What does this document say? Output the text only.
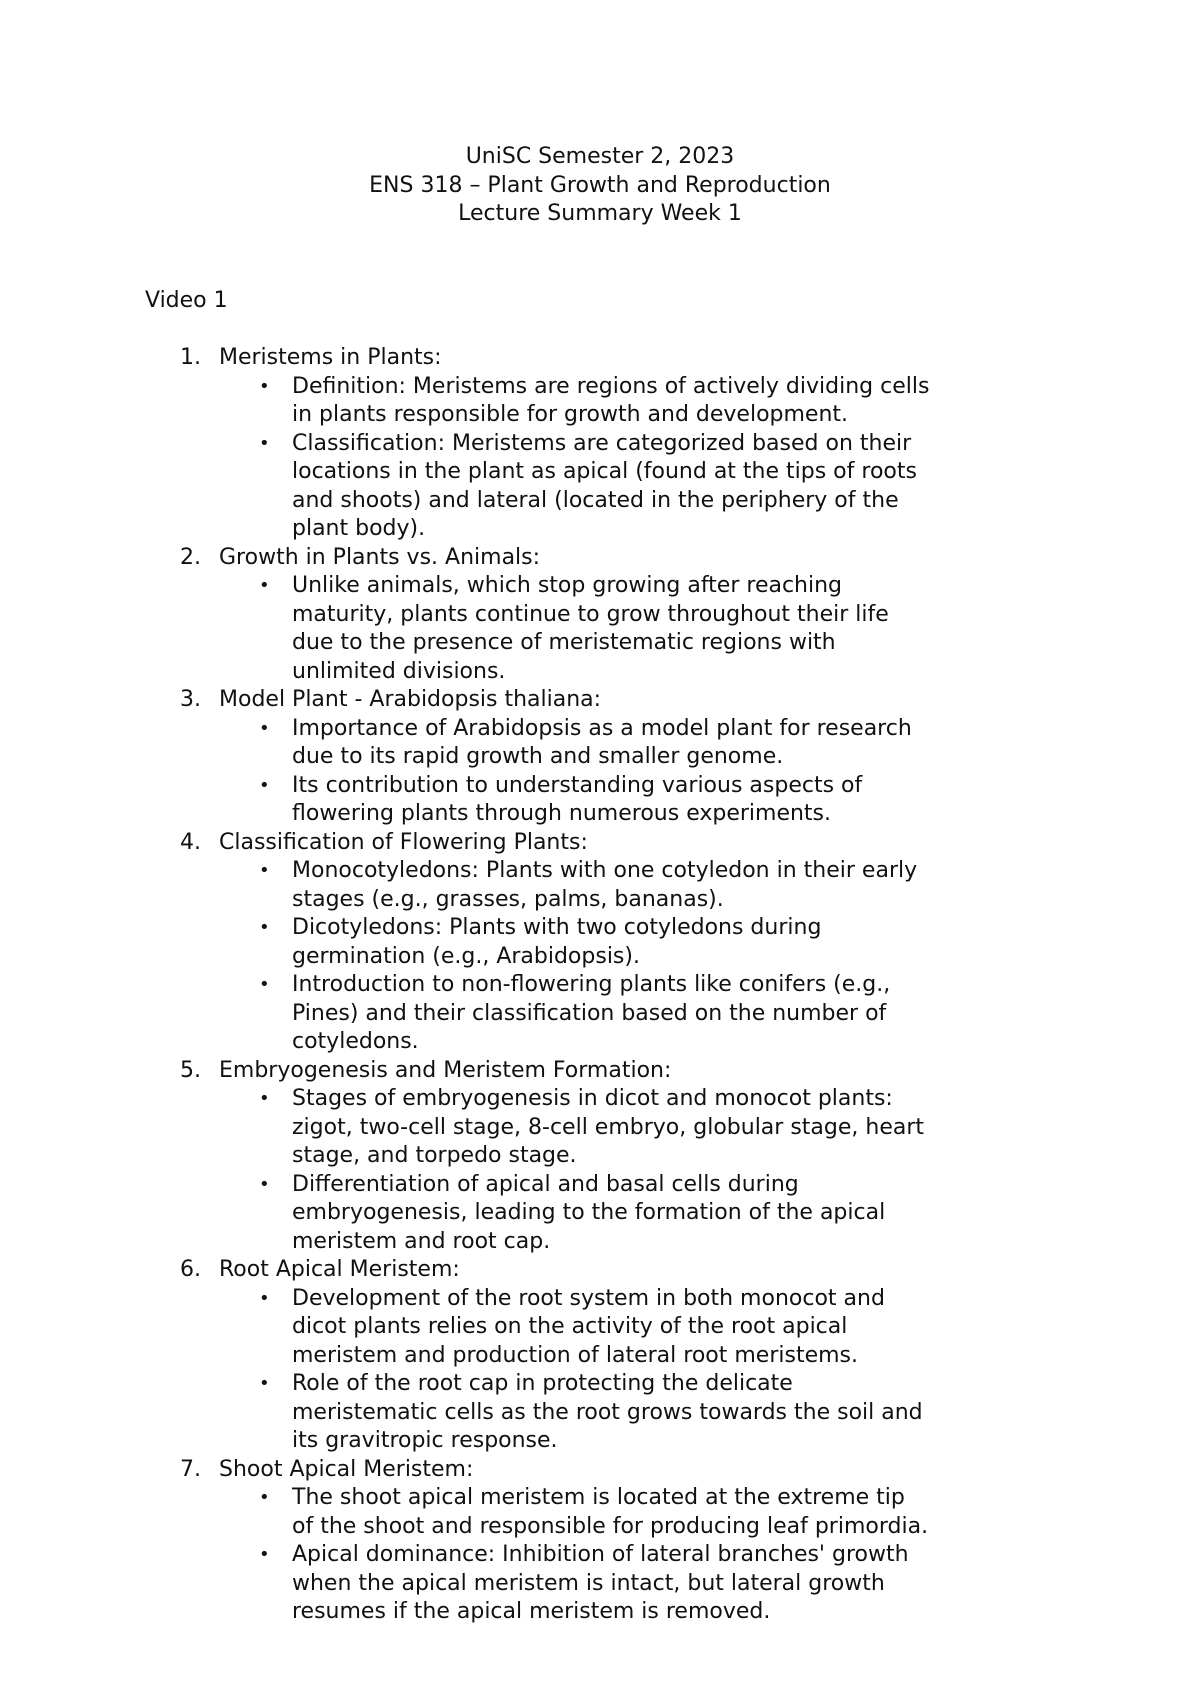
UniSC Semester 2, 2023
ENS 318 – Plant Growth and Reproduction
Lecture Summary Week 1
Video 1
1. Meristems in Plants:
• Definition: Meristems are regions of actively dividing cells in plants responsible for growth and development.
• Classification: Meristems are categorized based on their locations in the plant as apical (found at the tips of roots and shoots) and lateral (located in the periphery of the plant body).
2. Growth in Plants vs. Animals:
• Unlike animals, which stop growing after reaching maturity, plants continue to grow throughout their life due to the presence of meristematic regions with unlimited divisions.
3. Model Plant - Arabidopsis thaliana:
• Importance of Arabidopsis as a model plant for research due to its rapid growth and smaller genome.
• Its contribution to understanding various aspects of flowering plants through numerous experiments.
4. Classification of Flowering Plants:
• Monocotyledons: Plants with one cotyledon in their early stages (e.g., grasses, palms, bananas).
• Dicotyledons: Plants with two cotyledons during germination (e.g., Arabidopsis).
• Introduction to non-flowering plants like conifers (e.g., Pines) and their classification based on the number of cotyledons.
5. Embryogenesis and Meristem Formation:
• Stages of embryogenesis in dicot and monocot plants: zigot, two-cell stage, 8-cell embryo, globular stage, heart stage, and torpedo stage.
• Differentiation of apical and basal cells during embryogenesis, leading to the formation of the apical meristem and root cap.
6. Root Apical Meristem:
• Development of the root system in both monocot and dicot plants relies on the activity of the root apical meristem and production of lateral root meristems.
• Role of the root cap in protecting the delicate meristematic cells as the root grows towards the soil and its gravitropic response.
7. Shoot Apical Meristem:
• The shoot apical meristem is located at the extreme tip of the shoot and responsible for producing leaf primordia.
• Apical dominance: Inhibition of lateral branches' growth when the apical meristem is intact, but lateral growth resumes if the apical meristem is removed.
